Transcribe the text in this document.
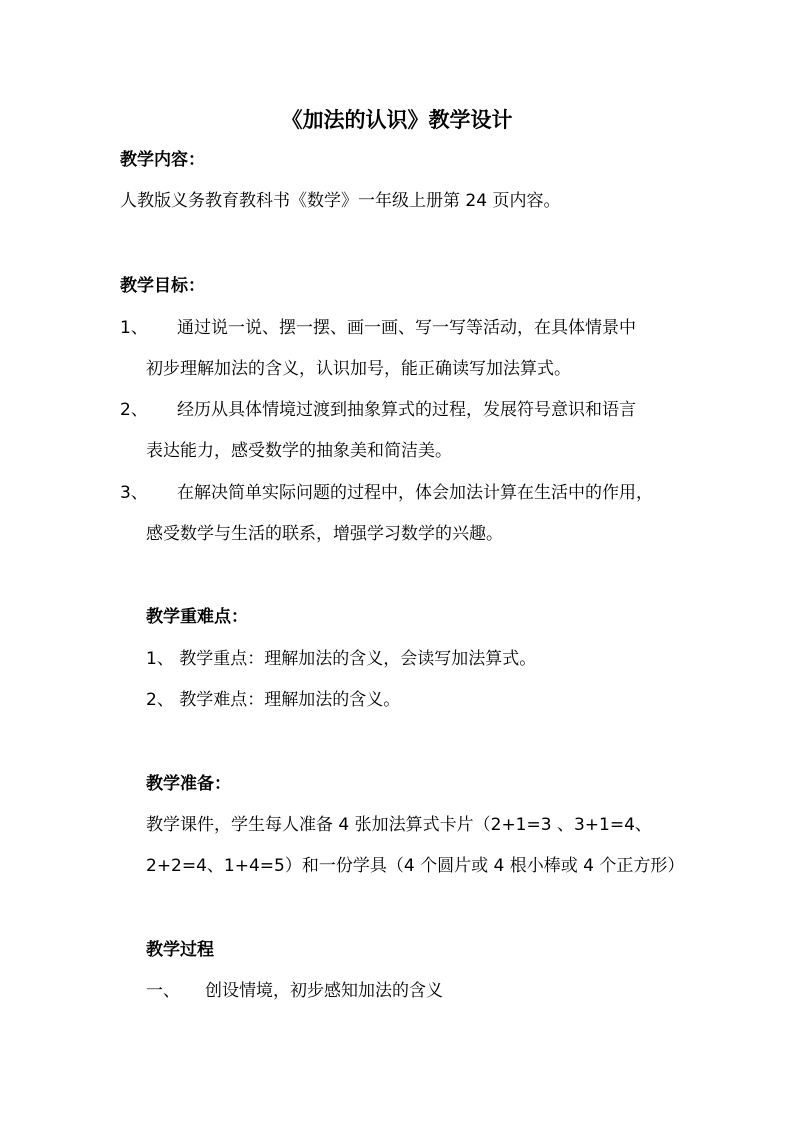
《加法的认识》教学设计
教学内容：
人教版义务教育教科书《数学》一年级上册第 24 页内容。
教学目标：
1、 通过说一说、摆一摆、画一画、写一写等活动，在具体情景中
初步理解加法的含义，认识加号，能正确读写加法算式。
2、 经历从具体情境过渡到抽象算式的过程，发展符号意识和语言
表达能力，感受数学的抽象美和简洁美。
3、 在解决简单实际问题的过程中，体会加法计算在生活中的作用，
感受数学与生活的联系，增强学习数学的兴趣。
教学重难点：
1、 教学重点：理解加法的含义，会读写加法算式。
2、 教学难点：理解加法的含义。
教学准备：
教学课件，学生每人准备 4 张加法算式卡片（2+1=3 、3+1=4、
2+2=4、1+4=5）和一份学具（4 个圆片或 4 根小棒或 4 个正方形）
教学过程
一、 创设情境，初步感知加法的含义
